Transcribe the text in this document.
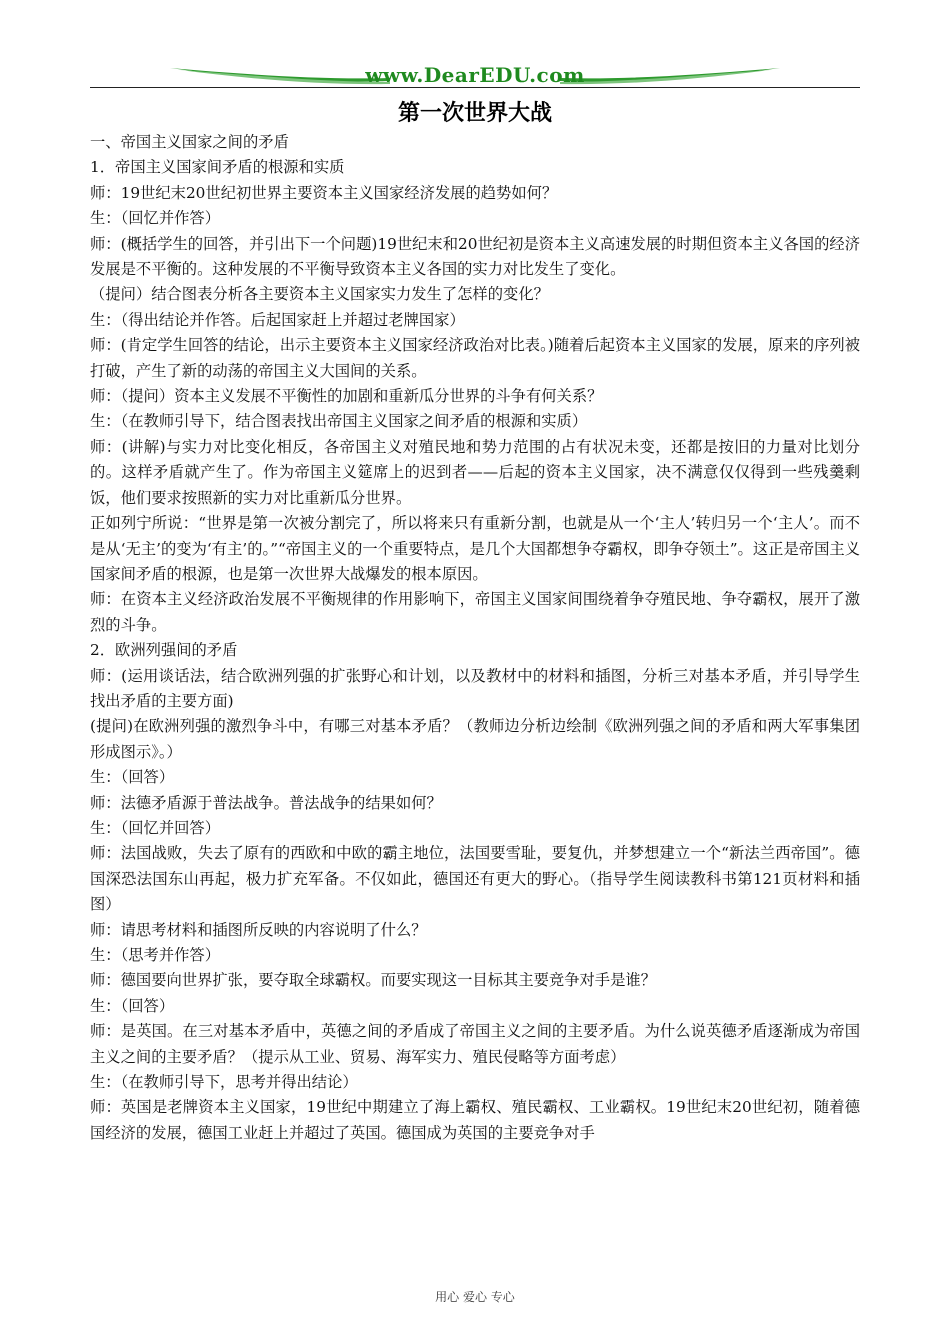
www.DearEDU.com
第一次世界大战

一、帝国主义国家之间的矛盾

1．帝国主义国家间矛盾的根源和实质

师：19世纪末20世纪初世界主要资本主义国家经济发展的趋势如何？

生：（回忆并作答）

师：(概括学生的回答，并引出下一个问题)19世纪末和20世纪初是资本主义高速发展的时期但资本主义各国的经济发展是不平衡的。这种发展的不平衡导致资本主义各国的实力对比发生了变化。

（提问）结合图表分析各主要资本主义国家实力发生了怎样的变化？

生：（得出结论并作答。后起国家赶上并超过老牌国家）

师：(肯定学生回答的结论，出示主要资本主义国家经济政治对比表。)随着后起资本主义国家的发展，原来的序列被打破，产生了新的动荡的帝国主义大国间的关系。

师：（提问）资本主义发展不平衡性的加剧和重新瓜分世界的斗争有何关系？

生：（在教师引导下，结合图表找出帝国主义国家之间矛盾的根源和实质）

师：(讲解)与实力对比变化相反，各帝国主义对殖民地和势力范围的占有状况未变，还都是按旧的力量对比划分的。这样矛盾就产生了。作为帝国主义筵席上的迟到者——后起的资本主义国家，决不满意仅仅得到一些残羹剩饭，他们要求按照新的实力对比重新瓜分世界。

正如列宁所说：“世界是第一次被分割完了，所以将来只有重新分割，也就是从一个‘主人’转归另一个‘主人’。而不是从‘无主’的变为‘有主’的。”“帝国主义的一个重要特点，是几个大国都想争夺霸权，即争夺领土”。这正是帝国主义国家间矛盾的根源，也是第一次世界大战爆发的根本原因。

师：在资本主义经济政治发展不平衡规律的作用影响下，帝国主义国家间围绕着争夺殖民地、争夺霸权，展开了激烈的斗争。

2．欧洲列强间的矛盾

师：(运用谈话法，结合欧洲列强的扩张野心和计划，以及教材中的材料和插图，分析三对基本矛盾，并引导学生找出矛盾的主要方面)

(提问)在欧洲列强的激烈争斗中，有哪三对基本矛盾？（教师边分析边绘制《欧洲列强之间的矛盾和两大军事集团形成图示》。）

生：（回答）

师：法德矛盾源于普法战争。普法战争的结果如何？

生：（回忆并回答）

师：法国战败，失去了原有的西欧和中欧的霸主地位，法国要雪耻，要复仇，并梦想建立一个“新法兰西帝国”。德国深恐法国东山再起，极力扩充军备。不仅如此，德国还有更大的野心。（指导学生阅读教科书第121页材料和插图）

师：请思考材料和插图所反映的内容说明了什么？

生：（思考并作答）

师：德国要向世界扩张，要夺取全球霸权。而要实现这一目标其主要竞争对手是谁？

生：（回答）

师：是英国。在三对基本矛盾中，英德之间的矛盾成了帝国主义之间的主要矛盾。为什么说英德矛盾逐渐成为帝国主义之间的主要矛盾？（提示从工业、贸易、海军实力、殖民侵略等方面考虑）

生：（在教师引导下，思考并得出结论）

师：英国是老牌资本主义国家，19世纪中期建立了海上霸权、殖民霸权、工业霸权。19世纪末20世纪初，随着德国经济的发展，德国工业赶上并超过了英国。德国成为英国的主要竞争对手

用心 爱心 专心
